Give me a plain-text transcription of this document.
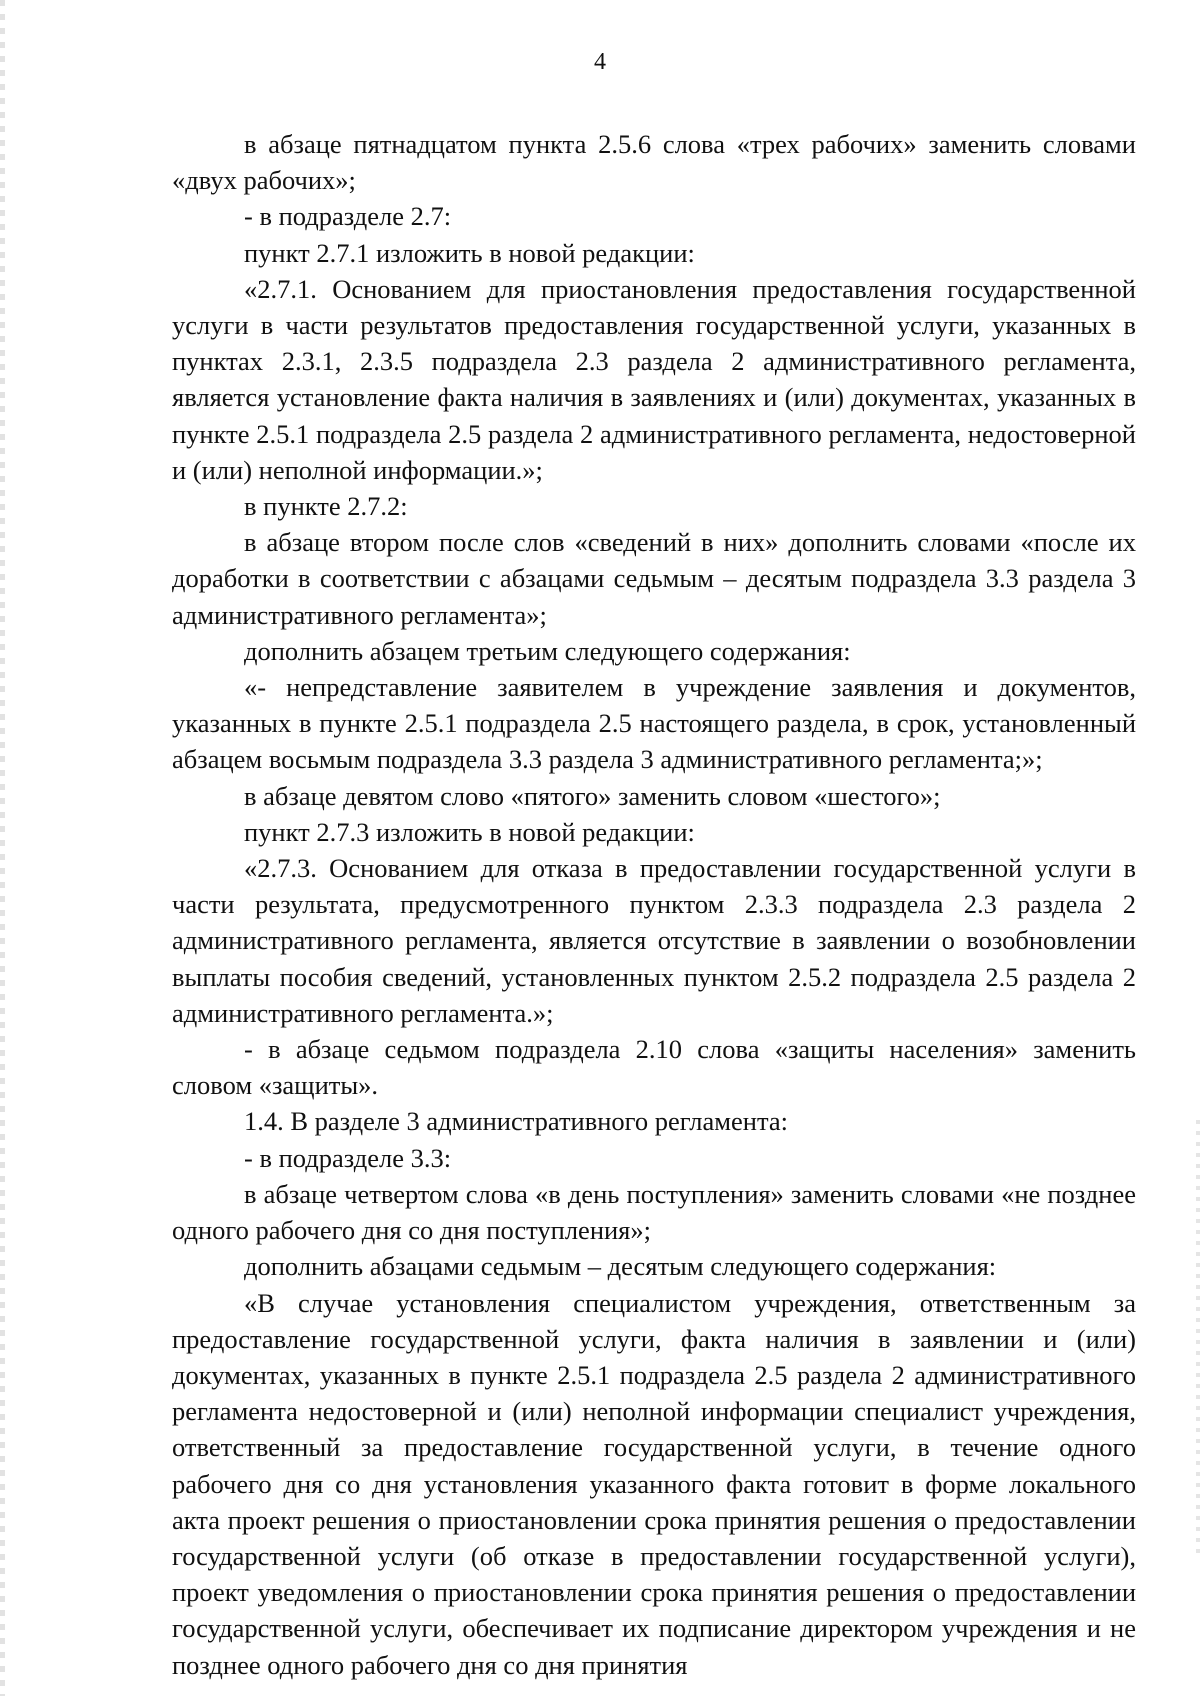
4

в абзаце пятнадцатом пункта 2.5.6 слова «трех рабочих» заменить словами «двух рабочих»;

- в подразделе 2.7:

пункт 2.7.1 изложить в новой редакции:

«2.7.1. Основанием для приостановления предоставления государственной услуги в части результатов предоставления государственной услуги, указанных в пунктах 2.3.1, 2.3.5 подраздела 2.3 раздела 2 административного регламента, является установление факта наличия в заявлениях и (или) документах, указанных в пункте 2.5.1 подраздела 2.5 раздела 2 административного регламента, недостоверной и (или) неполной информации.»;

в пункте 2.7.2:

в абзаце втором после слов «сведений в них» дополнить словами «после их доработки в соответствии с абзацами седьмым – десятым подраздела 3.3 раздела 3 административного регламента»;

дополнить абзацем третьим следующего содержания:

«- непредставление заявителем в учреждение заявления и документов, указанных в пункте 2.5.1 подраздела 2.5 настоящего раздела, в срок, установленный абзацем восьмым подраздела 3.3 раздела 3 административного регламента;»;

в абзаце девятом слово «пятого» заменить словом «шестого»;

пункт 2.7.3 изложить в новой редакции:

«2.7.3. Основанием для отказа в предоставлении государственной услуги в части результата, предусмотренного пунктом 2.3.3 подраздела 2.3 раздела 2 административного регламента, является отсутствие в заявлении о возобновлении выплаты пособия сведений, установленных пунктом 2.5.2 подраздела 2.5 раздела 2 административного регламента.»;

- в абзаце седьмом подраздела 2.10 слова «защиты населения» заменить словом «защиты».

1.4. В разделе 3 административного регламента:

- в подразделе 3.3:

в абзаце четвертом слова «в день поступления» заменить словами «не позднее одного рабочего дня со дня поступления»;

дополнить абзацами седьмым – десятым следующего содержания:

«В случае установления специалистом учреждения, ответственным за предоставление государственной услуги, факта наличия в заявлении и (или) документах, указанных в пункте 2.5.1 подраздела 2.5 раздела 2 административного регламента недостоверной и (или) неполной информации специалист учреждения, ответственный за предоставление государственной услуги, в течение одного рабочего дня со дня установления указанного факта готовит в форме локального акта проект решения о приостановлении срока принятия решения о предоставлении государственной услуги (об отказе в предоставлении государственной услуги), проект уведомления о приостановлении срока принятия решения о предоставлении государственной услуги, обеспечивает их подписание директором учреждения и не позднее одного рабочего дня со дня принятия
